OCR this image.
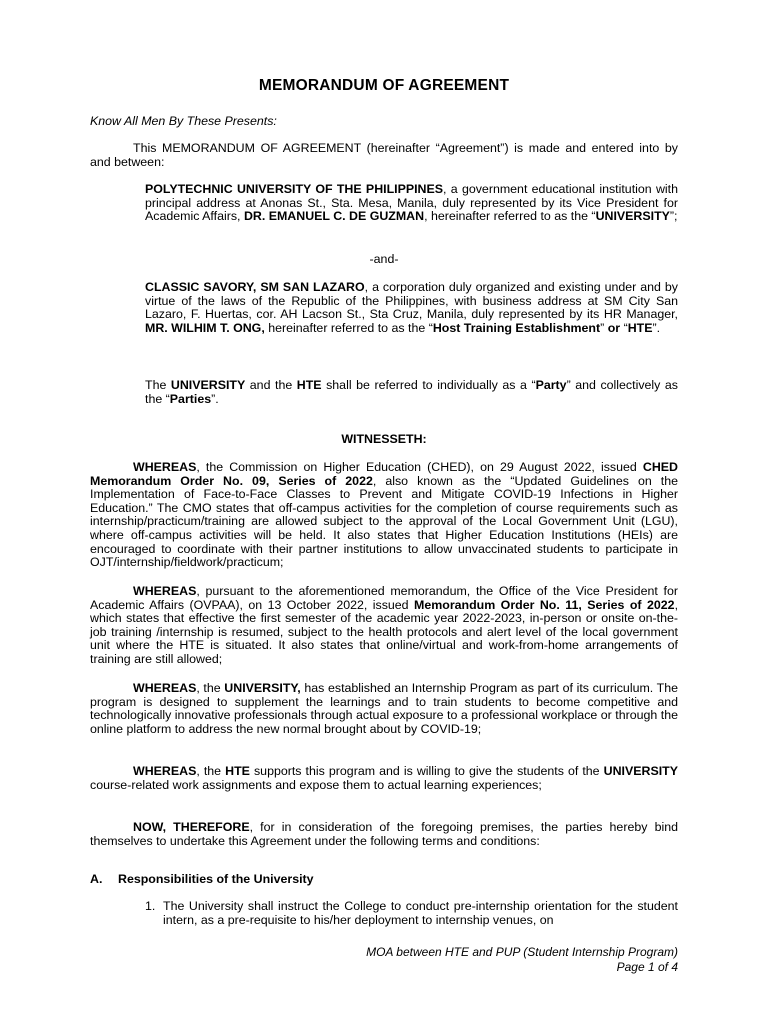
MEMORANDUM OF AGREEMENT
Know All Men By These Presents:

This MEMORANDUM OF AGREEMENT (hereinafter “Agreement”) is made and entered into by and between:

POLYTECHNIC UNIVERSITY OF THE PHILIPPINES, a government educational institution with principal address at Anonas St., Sta. Mesa, Manila, duly represented by its Vice President for Academic Affairs, DR. EMANUEL C. DE GUZMAN, hereinafter referred to as the “UNIVERSITY”;

-and-

CLASSIC SAVORY, SM SAN LAZARO, a corporation duly organized and existing under and by virtue of the laws of the Republic of the Philippines, with business address at SM City San Lazaro, F. Huertas, cor. AH Lacson St., Sta Cruz, Manila, duly represented by its HR Manager, MR. WILHIM T. ONG, hereinafter referred to as the “Host Training Establishment” or “HTE”.

The UNIVERSITY and the HTE shall be referred to individually as a “Party” and collectively as the “Parties”.

WITNESSETH:

WHEREAS, the Commission on Higher Education (CHED), on 29 August 2022, issued CHED Memorandum Order No. 09, Series of 2022, also known as the “Updated Guidelines on the Implementation of Face-to-Face Classes to Prevent and Mitigate COVID-19 Infections in Higher Education.” The CMO states that off-campus activities for the completion of course requirements such as internship/practicum/training are allowed subject to the approval of the Local Government Unit (LGU), where off-campus activities will be held. It also states that Higher Education Institutions (HEIs) are encouraged to coordinate with their partner institutions to allow unvaccinated students to participate in OJT/internship/fieldwork/practicum;

WHEREAS, pursuant to the aforementioned memorandum, the Office of the Vice President for Academic Affairs (OVPAA), on 13 October 2022, issued Memorandum Order No. 11, Series of 2022, which states that effective the first semester of the academic year 2022-2023, in-person or onsite on-the-job training /internship is resumed, subject to the health protocols and alert level of the local government unit where the HTE is situated. It also states that online/virtual and work-from-home arrangements of training are still allowed;

WHEREAS, the UNIVERSITY, has established an Internship Program as part of its curriculum. The program is designed to supplement the learnings and to train students to become competitive and technologically innovative professionals through actual exposure to a professional workplace or through the online platform to address the new normal brought about by COVID-19;

WHEREAS, the HTE supports this program and is willing to give the students of the UNIVERSITY course-related work assignments and expose them to actual learning experiences;

NOW, THEREFORE, for in consideration of the foregoing premises, the parties hereby bind themselves to undertake this Agreement under the following terms and conditions:

A. Responsibilities of the University
1. The University shall instruct the College to conduct pre-internship orientation for the student intern, as a pre-requisite to his/her deployment to internship venues, on

MOA between HTE and PUP (Student Internship Program)
Page 1 of 4
